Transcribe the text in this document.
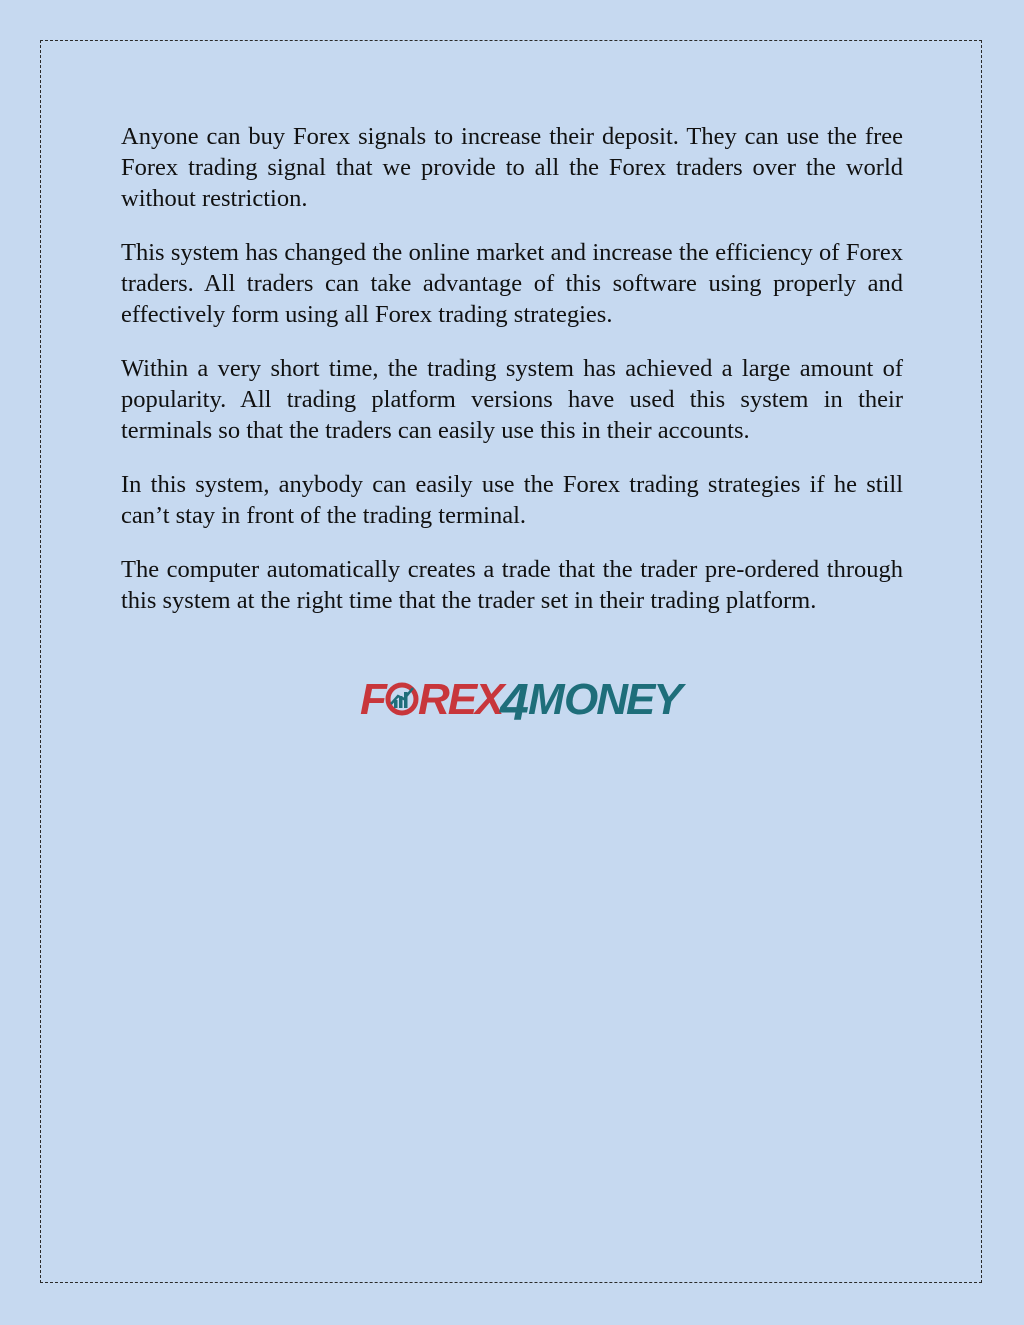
Anyone can buy Forex signals to increase their deposit. They can use the free Forex trading signal that we provide to all the Forex traders over the world without restriction.

This system has changed the online market and increase the efficiency of Forex traders. All traders can take advantage of this software using properly and effectively form using all Forex trading strategies.

Within a very short time, the trading system has achieved a large amount of popularity. All trading platform versions have used this system in their terminals so that the traders can easily use this in their accounts.

In this system, anybody can easily use the Forex trading strategies if he still can’t stay in front of the trading terminal.

The computer automatically creates a trade that the trader pre-ordered through this system at the right time that the trader set in their trading platform.

F REX
4 M ONEY
